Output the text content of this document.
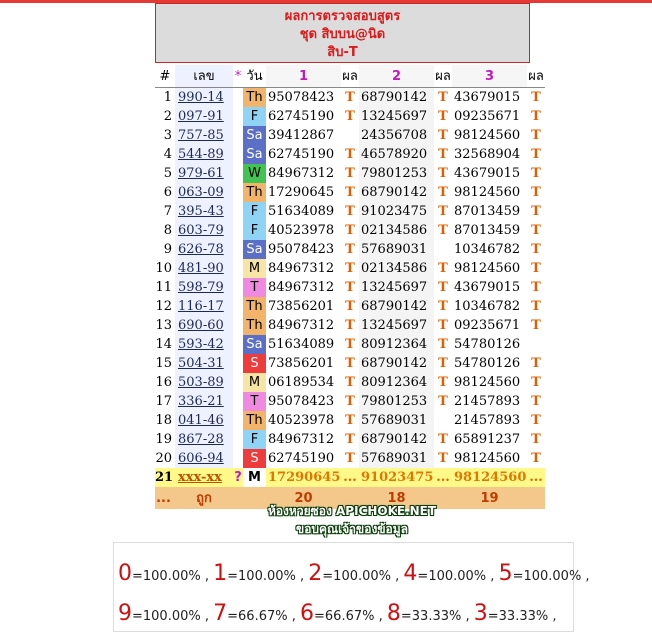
ผลการตรวจสอบสูตร
ชุด สิบบน@นิด
สิบ-T
#	เลข	*	วัน	1	ผล	2	ผล	3	ผล
1	990-14		Th	95078423	T	68790142	T	43679015	T
2	097-91		F	62745190	T	13245697	T	09235671	T
3	757-85		Sa	39412867		24356708	T	98124560	T
4	544-89		Sa	62745190	T	46578920	T	32568904	T
5	979-61		W	84967312	T	79801253	T	43679015	T
6	063-09		Th	17290645	T	68790142	T	98124560	T
7	395-43		F	51634089	T	91023475	T	87013459	T
8	603-79		F	40523978	T	02134586	T	87013459	T
9	626-78		Sa	95078423	T	57689031		10346782	T
10	481-90		M	84967312	T	02134586	T	98124560	T
11	598-79		T	84967312	T	13245697	T	43679015	T
12	116-17		Th	73856201	T	68790142	T	10346782	T
13	690-60		Th	84967312	T	13245697	T	09235671	T
14	593-42		Sa	51634089	T	80912364	T	54780126	
15	504-31		S	73856201	T	68790142	T	54780126	T
16	503-89		M	06189534	T	80912364	T	98124560	T
17	336-21		T	95078423	T	79801253	T	21457893	T
18	041-46		Th	40523978	T	57689031		21457893	T
19	867-28		F	84967312	T	68790142	T	65891237	T
20	606-94		S	62745190	T	57689031	T	98124560	T
21	xxx-xx	?	M	17290645	...	91023475	...	98124560	...
...	ถูก			20		18		19	
ห้องหวยซอง APICHOKE.NET
ขอบคุณเจ้าของข้อมูล
0=100.00% , 1=100.00% , 2=100.00% , 4=100.00% , 5=100.00% ,
9=100.00% , 7=66.67% , 6=66.67% , 8=33.33% , 3=33.33% ,
